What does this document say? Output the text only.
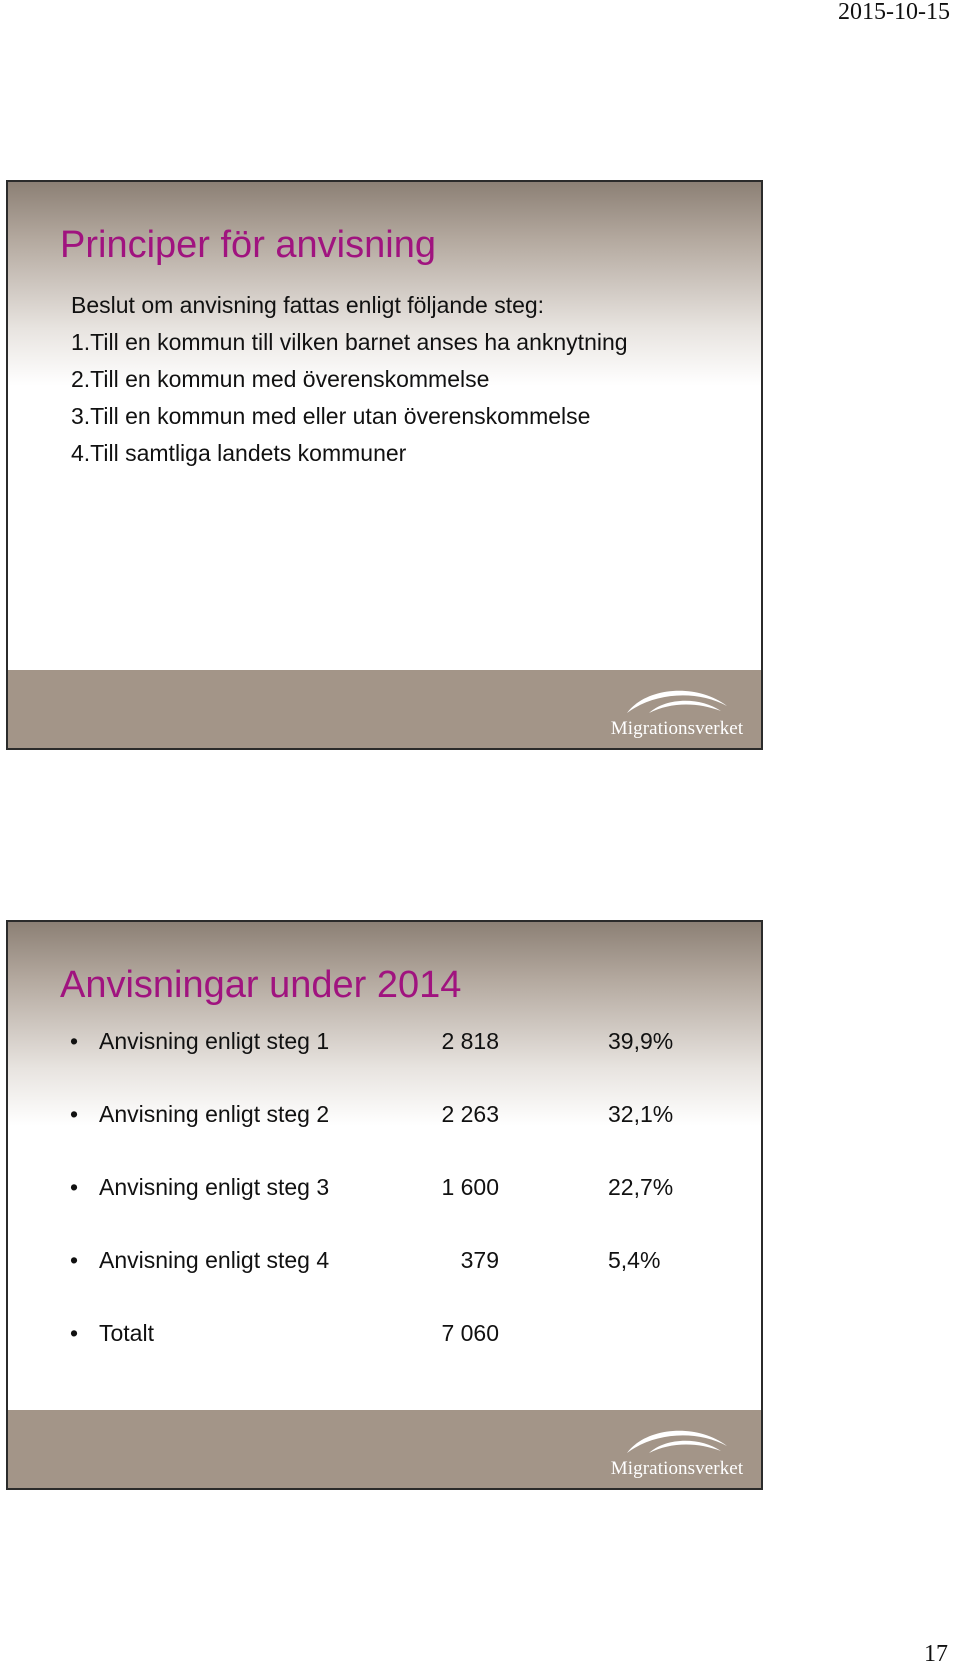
2015-10-15
Principer för anvisning
Beslut om anvisning fattas enligt följande steg:
1.Till en kommun till vilken barnet anses ha anknytning
2.Till en kommun med överenskommelse
3.Till en kommun med eller utan överenskommelse
4.Till samtliga landets kommuner
Migrationsverket
Anvisningar under 2014
• Anvisning enligt steg 1	2 818	39,9%
• Anvisning enligt steg 2	2 263	32,1%
• Anvisning enligt steg 3	1 600	22,7%
• Anvisning enligt steg 4	379	5,4%
• Totalt	7 060
Migrationsverket
17
